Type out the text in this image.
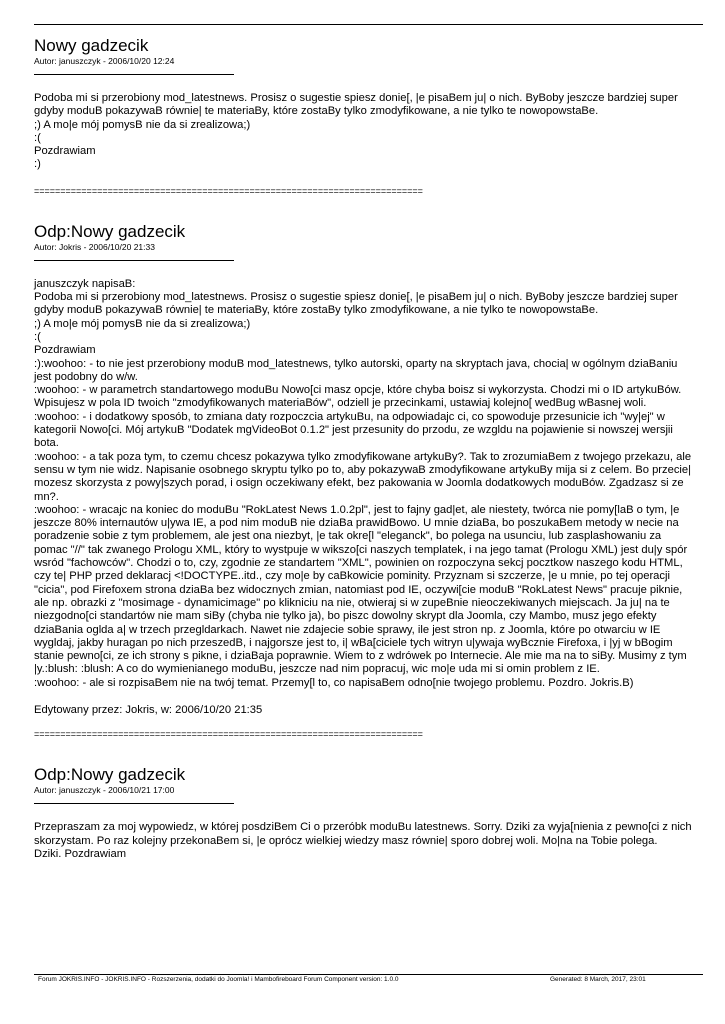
Nowy gadzecik
Autor: januszczyk - 2006/10/20 12:24
Podoba mi si przerobiony mod_latestnews. Prosisz o sugestie spiesz donie[, |e pisaBem ju| o nich. ByBoby jeszcze bardziej super gdyby moduB pokazywaB równie| te materiaBy, które zostaBy tylko zmodyfikowane, a nie tylko te nowopowstaBe.
;) A mo|e mój pomysB nie da si zrealizowa;)
:(
Pozdrawiam
:)
==========================================================================
Odp:Nowy gadzecik
Autor: Jokris - 2006/10/20 21:33
januszczyk napisaB:
Podoba mi si przerobiony mod_latestnews. Prosisz o sugestie spiesz donie[, |e pisaBem ju| o nich. ByBoby jeszcze bardziej super gdyby moduB pokazywaB równie| te materiaBy, które zostaBy tylko zmodyfikowane, a nie tylko te nowopowstaBe.
;) A mo|e mój pomysB nie da si zrealizowa;)
:(
Pozdrawiam
:):woohoo: - to nie jest przerobiony moduB mod_latestnews, tylko autorski, oparty na skryptach java, chocia| w ogólnym dziaBaniu jest podobny do w/w.
:woohoo: - w parametrch standartowego moduBu Nowo[ci masz opcje, które chyba boisz si wykorzysta. Chodzi mi o ID artykuBów. Wpisujesz w pola ID twoich "zmodyfikowanych materiaBów", odziell je przecinkami, ustawiaj kolejno[ wedBug wBasnej woli.
:woohoo: - i dodatkowy sposób, to zmiana daty rozpoczcia artykuBu, na odpowiadajc ci, co spowoduje przesunicie ich "wy|ej" w kategorii Nowo[ci. Mój artykuB "Dodatek mgVideoBot 0.1.2" jest przesunity do przodu, ze wzgldu na pojawienie si nowszej wersjii bota.
:woohoo: - a tak poza tym, to czemu chcesz pokazywa tylko zmodyfikowane artykuBy?. Tak to zrozumiaBem z twojego przekazu, ale sensu w tym nie widz. Napisanie osobnego skryptu tylko po to, aby pokazywaB zmodyfikowane artykuBy mija si z celem. Bo przecie| mozesz skorzysta z powy|szych porad, i osign oczekiwany efekt, bez pakowania w Joomla dodatkowych moduBów. Zgadzasz si ze mn?.
:woohoo: - wracajc na koniec do moduBu "RokLatest News 1.0.2pl", jest to fajny gad|et, ale niestety, twórca nie pomy[laB o tym, |e jeszcze 80% internautów u|ywa IE, a pod nim moduB nie dziaBa prawidBowo. U mnie dziaBa, bo poszukaBem metody w necie na poradzenie sobie z tym problemem, ale jest ona niezbyt, |e tak okre[l "eleganck", bo polega na usunciu, lub zasplashowaniu za pomac "//" tak zwanego Prologu XML, który to wystpuje w wikszo[ci naszych templatek, i na jego tamat (Prologu XML) jest du|y spór wsród "fachowców". Chodzi o to, czy, zgodnie ze standartem "XML", powinien on rozpoczyna sekcj pocztkow naszego kodu HTML, czy te| PHP przed deklaracj <!DOCTYPE..itd., czy mo|e by caBkowicie pominity. Przyznam si szczerze, |e u mnie, po tej operacji "cicia", pod Firefoxem strona dziaBa bez widocznych zmian, natomiast pod IE, oczywi[cie moduB "RokLatest News" pracuje piknie, ale np. obrazki z "mosimage - dynamicimage" po klikniciu na nie, otwieraj si w zupeBnie nieoczekiwanych miejscach. Ja ju| na te niezgodno[ci standartów nie mam siBy (chyba nie tylko ja), bo piszc dowolny skrypt dla Joomla, czy Mambo, musz jego efekty dziaBania oglda a| w trzech przegldarkach. Nawet nie zdajecie sobie sprawy, ile jest stron np. z Joomla, które po otwarciu w IE wygldaj, jakby huragan po nich przeszedB, i najgorsze jest to, i| wBa[ciciele tych witryn u|ywaja wyBcznie Firefoxa, i |yj w bBogim stanie pewno[ci, ze ich strony s pikne, i dziaBaja poprawnie. Wiem to z wdrówek po Internecie. Ale mie ma na to siBy. Musimy z tym |y.:blush: :blush: A co do wymienianego moduBu, jeszcze nad nim popracuj, wic mo|e uda mi si omin problem z IE.
:woohoo: - ale si rozpisaBem nie na twój temat. Przemy[l to, co napisaBem odno[nie twojego problemu. Pozdro. Jokris.B)
Edytowany przez: Jokris, w: 2006/10/20 21:35
==========================================================================
Odp:Nowy gadzecik
Autor: januszczyk - 2006/10/21 17:00
Przepraszam za moj wypowiedz, w której posdziBem Ci o przeróbk moduBu latestnews. Sorry. Dziki za wyja[nienia z pewno[ci z nich skorzystam. Po raz kolejny przekonaBem si, |e oprócz wielkiej wiedzy masz równie| sporo dobrej woli. Mo|na na Tobie polega.
Dziki. Pozdrawiam
Forum JOKRIS.INFO - JOKRIS.INFO - Rozszerzenia, dodatki do Joomla! i Mambofireboard Forum Component version: 1.0.0	Generated: 8 March, 2017, 23:01
